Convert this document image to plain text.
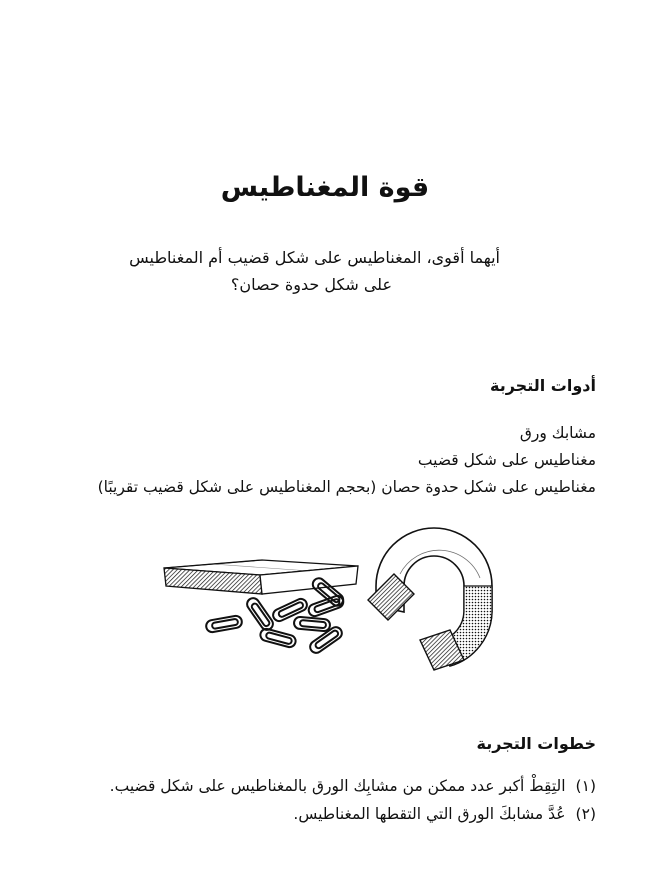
قوة المغناطيس
أيهما أقوى، المغناطيس على شكل قضيب أم المغناطيس
على شكل حدوة حصان؟
أدوات التجربة
مشابك ورق
مغناطيس على شكل قضيب
مغناطيس على شكل حدوة حصان (بحجم المغناطيس على شكل قضيب تقريبًا)
خطوات التجربة
(١)
التِقِطْ أكبر عدد ممكن من مشابِك الورق بالمغناطيس على شكل قضيب.
(٢)
عُدَّ مشابكَ الورق التي التقطها المغناطيس.
